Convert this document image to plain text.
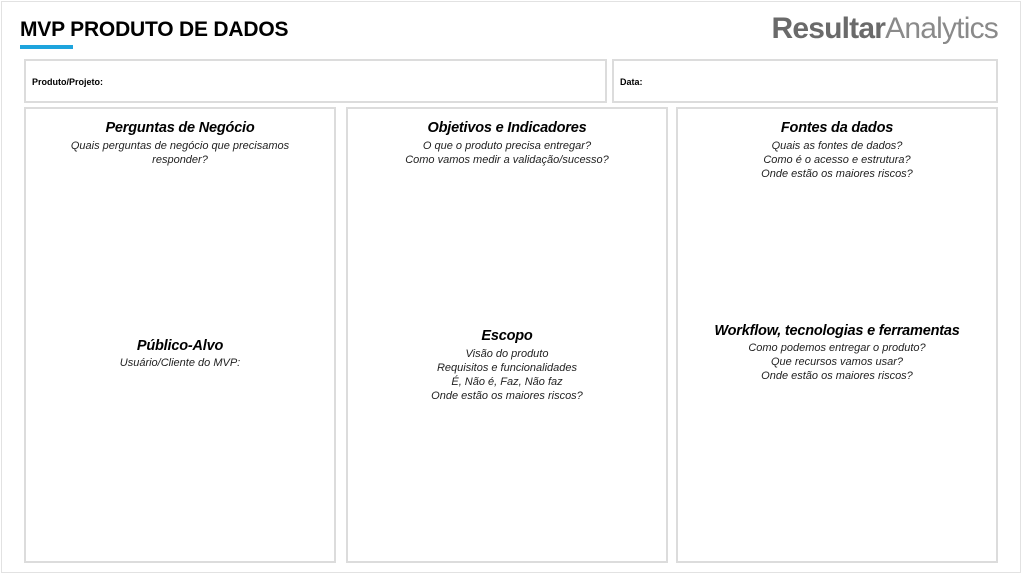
MVP PRODUTO DE DADOS	ResultarAnalytics
Produto/Projeto:	Data:
Perguntas de Negócio
Quais perguntas de negócio que precisamos
responder?
Público-Alvo
Usuário/Cliente do MVP:
Objetivos e Indicadores
O que o produto precisa entregar?
Como vamos medir a validação/sucesso?
Escopo
Visão do produto
Requisitos e funcionalidades
É, Não é, Faz, Não faz
Onde estão os maiores riscos?
Fontes da dados
Quais as fontes de dados?
Como é o acesso e estrutura?
Onde estão os maiores riscos?
Workflow, tecnologias e ferramentas
Como podemos entregar o produto?
Que recursos vamos usar?
Onde estão os maiores riscos?
